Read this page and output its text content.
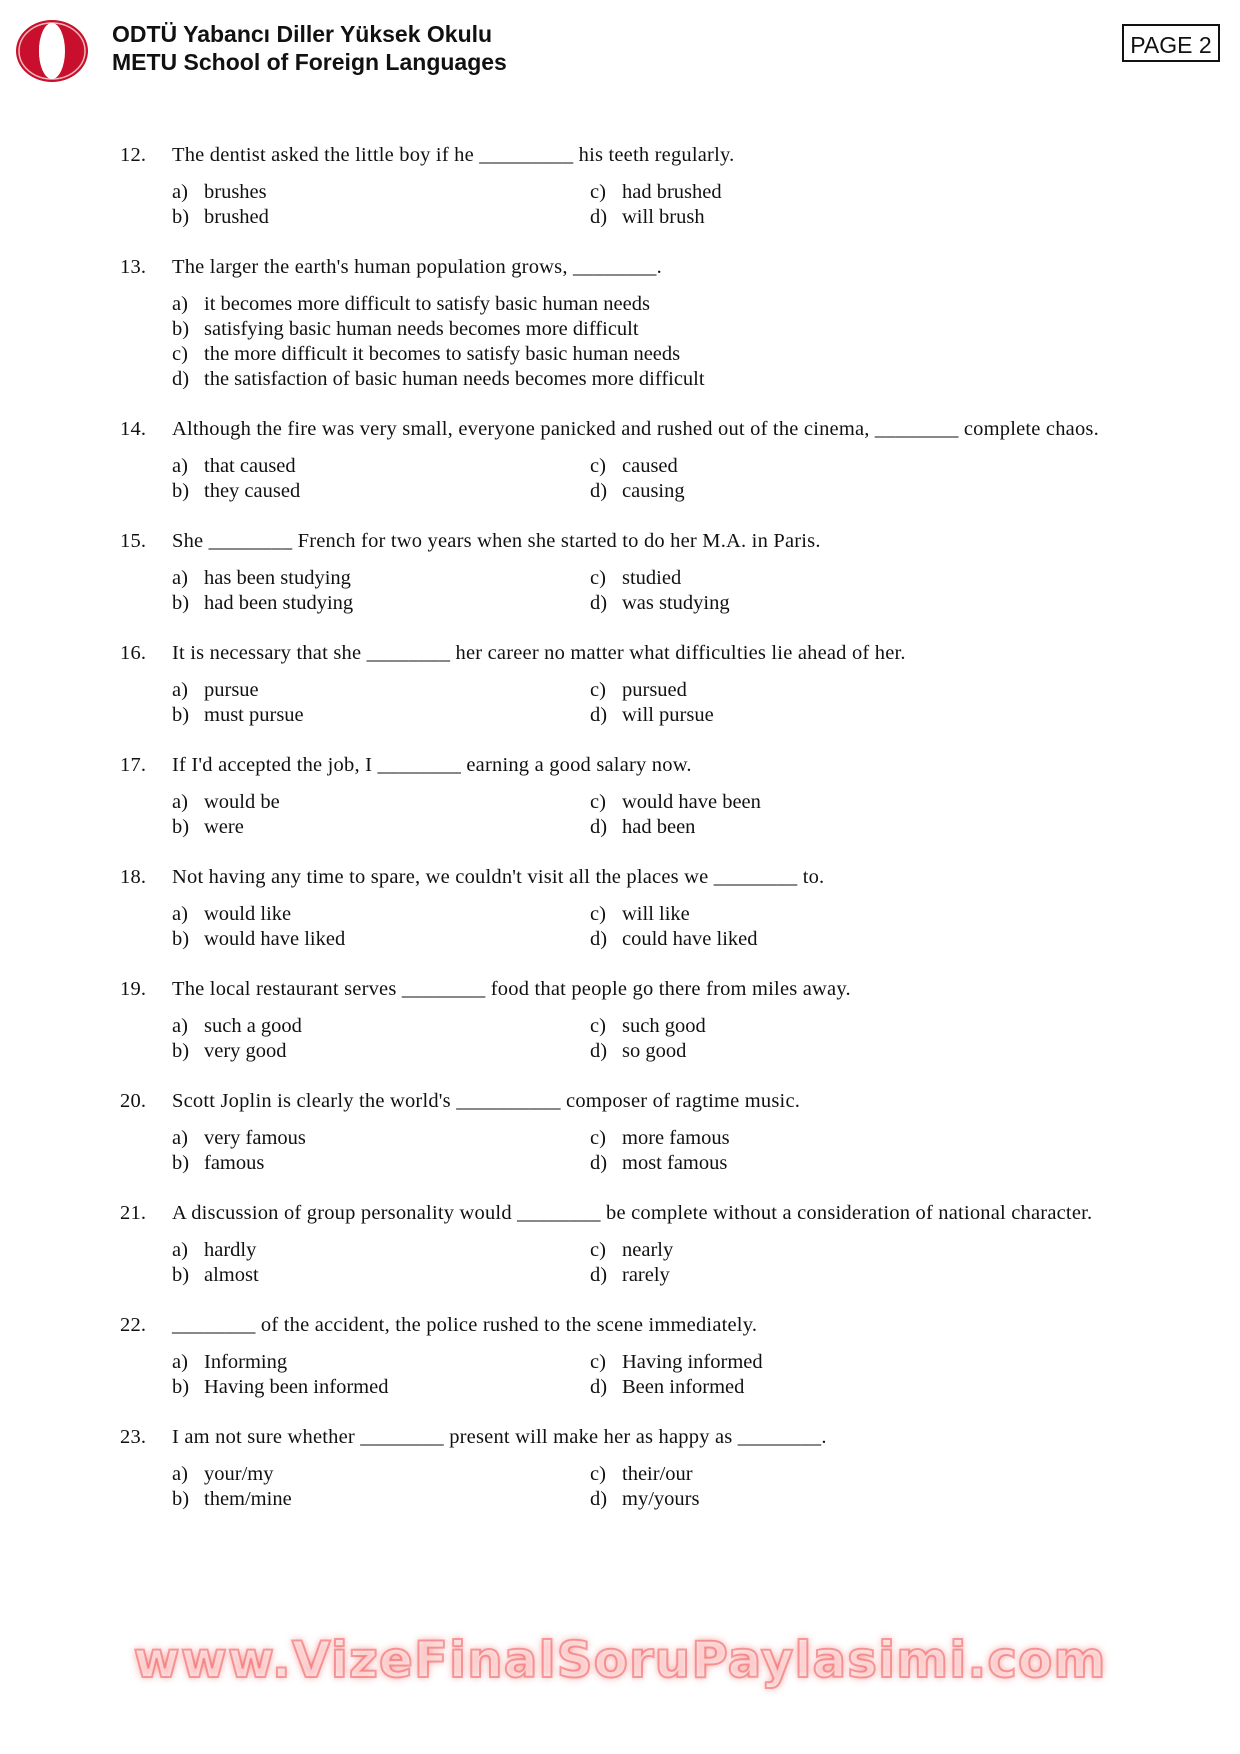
ODTÜ Yabancı Diller Yüksek Okulu
METU School of Foreign Languages
PAGE 2
12.	The dentist asked the little boy if he _________ his teeth regularly.
a) brushes	c) had brushed
b) brushed	d) will brush
13.	The larger the earth's human population grows, ________.
a) it becomes more difficult to satisfy basic human needs
b) satisfying basic human needs becomes more difficult
c) the more difficult it becomes to satisfy basic human needs
d) the satisfaction of basic human needs becomes more difficult
14.	Although the fire was very small, everyone panicked and rushed out of the cinema, ________ complete chaos.
a) that caused	c) caused
b) they caused	d) causing
15.	She ________ French for two years when she started to do her M.A. in Paris.
a) has been studying	c) studied
b) had been studying	d) was studying
16.	It is necessary that she ________ her career no matter what difficulties lie ahead of her.
a) pursue	c) pursued
b) must pursue	d) will pursue
17.	If I'd accepted the job, I ________ earning a good salary now.
a) would be	c) would have been
b) were	d) had been
18.	Not having any time to spare, we couldn't visit all the places we ________ to.
a) would like	c) will like
b) would have liked	d) could have liked
19.	The local restaurant serves ________ food that people go there from miles away.
a) such a good	c) such good
b) very good	d) so good
20.	Scott Joplin is clearly the world's __________ composer of ragtime music.
a) very famous	c) more famous
b) famous	d) most famous
21.	A discussion of group personality would ________ be complete without a consideration of national character.
a) hardly	c) nearly
b) almost	d) rarely
22.	________ of the accident, the police rushed to the scene immediately.
a) Informing	c) Having informed
b) Having been informed	d) Been informed
23.	I am not sure whether ________ present will make her as happy as ________.
a) your/my	c) their/our
b) them/mine	d) my/yours
www.VizeFinalSoruPaylasimi.com
